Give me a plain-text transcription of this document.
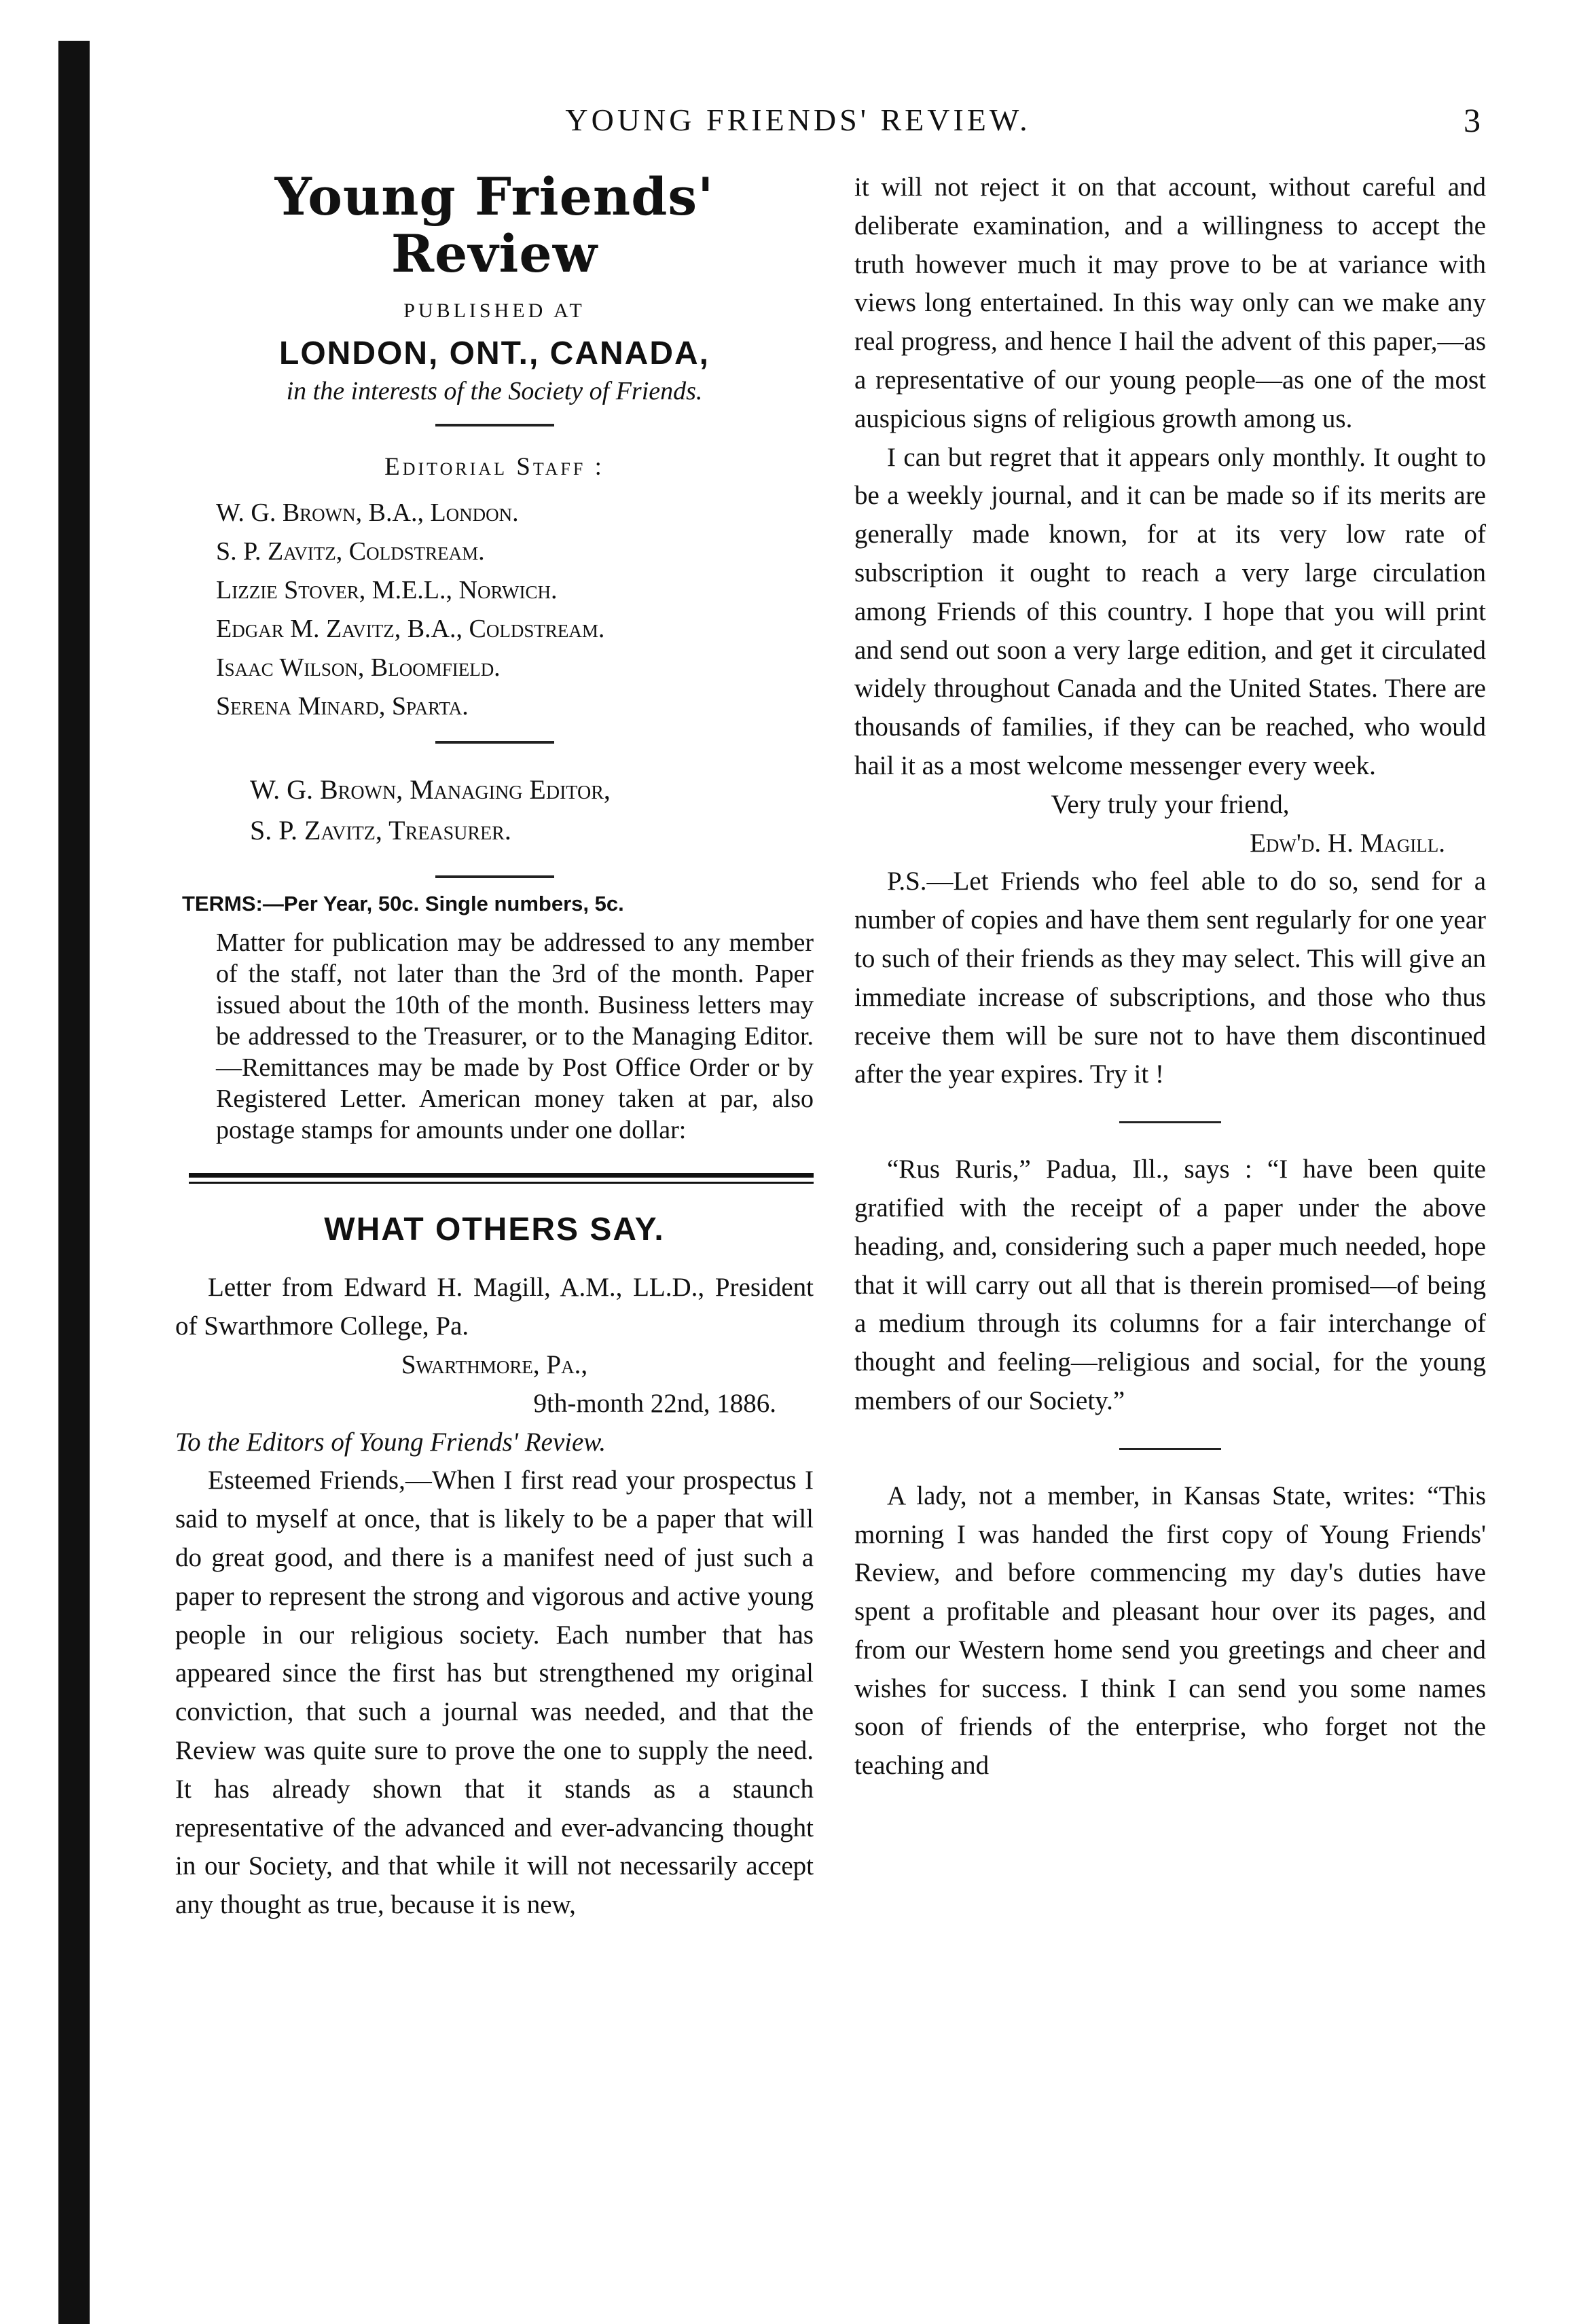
YOUNG FRIENDS' REVIEW.	3
Young Friends' Review
PUBLISHED AT
LONDON, ONT., CANADA,
in the interests of the Society of Friends.
Editorial Staff :
W. G. Brown, B.A., London.
S. P. Zavitz, Coldstream.
Lizzie Stover, M.E.L., Norwich.
Edgar M. Zavitz, B.A., Coldstream.
Isaac Wilson, Bloomfield.
Serena Minard, Sparta.
W. G. Brown, Managing Editor,
S. P. Zavitz, Treasurer.
TERMS:—Per Year, 50c. Single numbers, 5c.
Matter for publication may be addressed to any member of the staff, not later than the 3rd of the month. Paper issued about the 10th of the month. Business letters may be addressed to the Treasurer, or to the Managing Editor.—Remittances may be made by Post Office Order or by Registered Letter. American money taken at par, also postage stamps for amounts under one dollar:
WHAT OTHERS SAY.

Letter from Edward H. Magill, A.M., LL.D., President of Swarthmore College, Pa.

Swarthmore, Pa.,

9th-month 22nd, 1886.

To the Editors of Young Friends' Review.

Esteemed Friends,—When I first read your prospectus I said to myself at once, that is likely to be a paper that will do great good, and there is a manifest need of just such a paper to represent the strong and vigorous and active young people in our religious society. Each number that has appeared since the first has but strengthened my original conviction, that such a journal was needed, and that the Review was quite sure to prove the one to supply the need. It has already shown that it stands as a staunch representative of the advanced and ever-advancing thought in our Society, and that while it will not necessarily accept any thought as true, because it is new,

it will not reject it on that account, without careful and deliberate examination, and a willingness to accept the truth however much it may prove to be at variance with views long entertained. In this way only can we make any real progress, and hence I hail the advent of this paper,—as a representative of our young people—as one of the most auspicious signs of religious growth among us.

I can but regret that it appears only monthly. It ought to be a weekly journal, and it can be made so if its merits are generally made known, for at its very low rate of subscription it ought to reach a very large circulation among Friends of this country. I hope that you will print and send out soon a very large edition, and get it circulated widely throughout Canada and the United States. There are thousands of families, if they can be reached, who would hail it as a most welcome messenger every week.

Very truly your friend,

Edw'd. H. Magill.

P.S.—Let Friends who feel able to do so, send for a number of copies and have them sent regularly for one year to such of their friends as they may select. This will give an immediate increase of subscriptions, and those who thus receive them will be sure not to have them discontinued after the year expires. Try it !

“Rus Ruris,” Padua, Ill., says : “I have been quite gratified with the receipt of a paper under the above heading, and, considering such a paper much needed, hope that it will carry out all that is therein promised—of being a medium through its columns for a fair interchange of thought and feeling—religious and social, for the young members of our Society.”

A lady, not a member, in Kansas State, writes: “This morning I was handed the first copy of Young Friends' Review, and before commencing my day's duties have spent a profitable and pleasant hour over its pages, and from our Western home send you greetings and cheer and wishes for success. I think I can send you some names soon of friends of the enterprise, who forget not the teaching and
